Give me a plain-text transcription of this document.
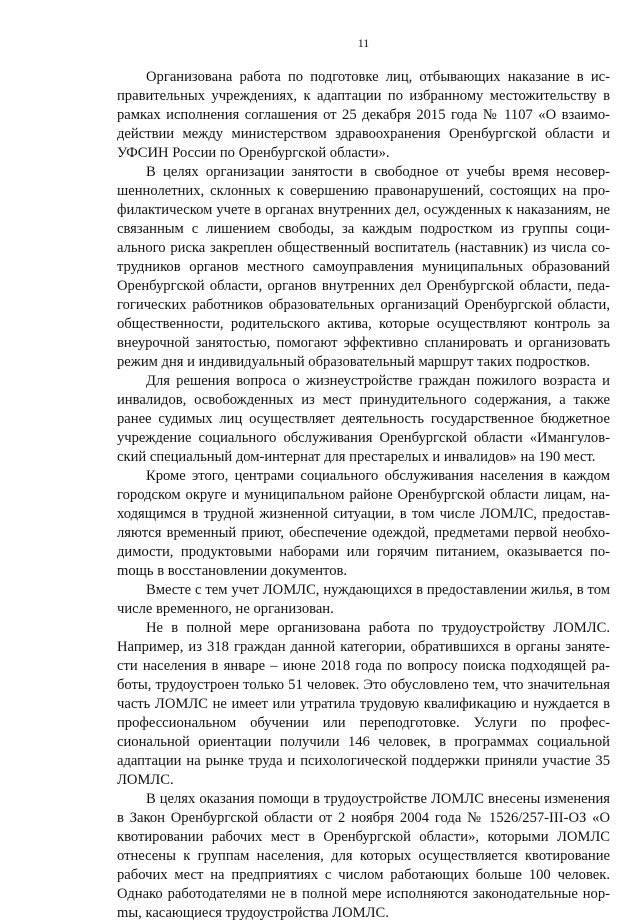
11

Организована работа по подготовке лиц, отбывающих наказание в исправительных учреждениях, к адаптации по избранному местожительству в рамках исполнения соглашения от 25 декабря 2015 года № 1107 «О взаимодействии между министерством здравоохранения Оренбургской области и УФСИН России по Оренбургской области».

В целях организации занятости в свободное от учебы время несовершеннолетних, склонных к совершению правонарушений, состоящих на профилактическом учете в органах внутренних дел, осужденных к наказаниям, не связанным с лишением свободы, за каждым подростком из группы социального риска закреплен общественный воспитатель (наставник) из числа сотрудников органов местного самоуправления муниципальных образований Оренбургской области, органов внутренних дел Оренбургской области, педагогических работников образовательных организаций Оренбургской области, общественности, родительского актива, которые осуществляют контроль за внеурочной занятостью, помогают эффективно спланировать и организовать режим дня и индивидуальный образовательный маршрут таких подростков.

Для решения вопроса о жизнеустройстве граждан пожилого возраста и инвалидов, освобожденных из мест принудительного содержания, а также ранее судимых лиц осуществляет деятельность государственное бюджетное учреждение социального обслуживания Оренбургской области «Имангуловский специальный дом-интернат для престарелых и инвалидов» на 190 мест.

Кроме этого, центрами социального обслуживания населения в каждом городском округе и муниципальном районе Оренбургской области лицам, находящимся в трудной жизненной ситуации, в том числе ЛОМЛС, предоставляются временный приют, обеспечение одеждой, предметами первой необходимости, продуктовыми наборами или горячим питанием, оказывается поmощь в восстановлении документов.

Вместе с тем учет ЛОМЛС, нуждающихся в предоставлении жилья, в том числе временного, не организован.

Не в полной мере организована работа по трудоустройству ЛОМЛС. Например, из 318 граждан данной категории, обратившихся в органы занятести населения в январе – июне 2018 года по вопросу поиска подходящей работы, трудоустроен только 51 человек. Это обусловлено тем, что значительная часть ЛОМЛС не имеет или утратила трудовую квалификацию и нуждается в профессиональном обучении или переподготовке. Услуги по профессиональной ориентации получили 146 человек, в программах социальной адаптации на рынке труда и психологической поддержки приняли участие 35 ЛОМЛС.

В целях оказания помощи в трудоустройстве ЛОМЛС внесены изменения в Закон Оренбургской области от 2 ноября 2004 года № 1526/257-III-ОЗ «О квотировании рабочих мест в Оренбургской области», которыми ЛОМЛС отнесены к группам населения, для которых осуществляется квотирование рабочих мест на предприятиях с числом работающих больше 100 человек. Однако работодателями не в полной мере исполняются законодательные норmы, касающиеся трудоустройства ЛОМЛС.
